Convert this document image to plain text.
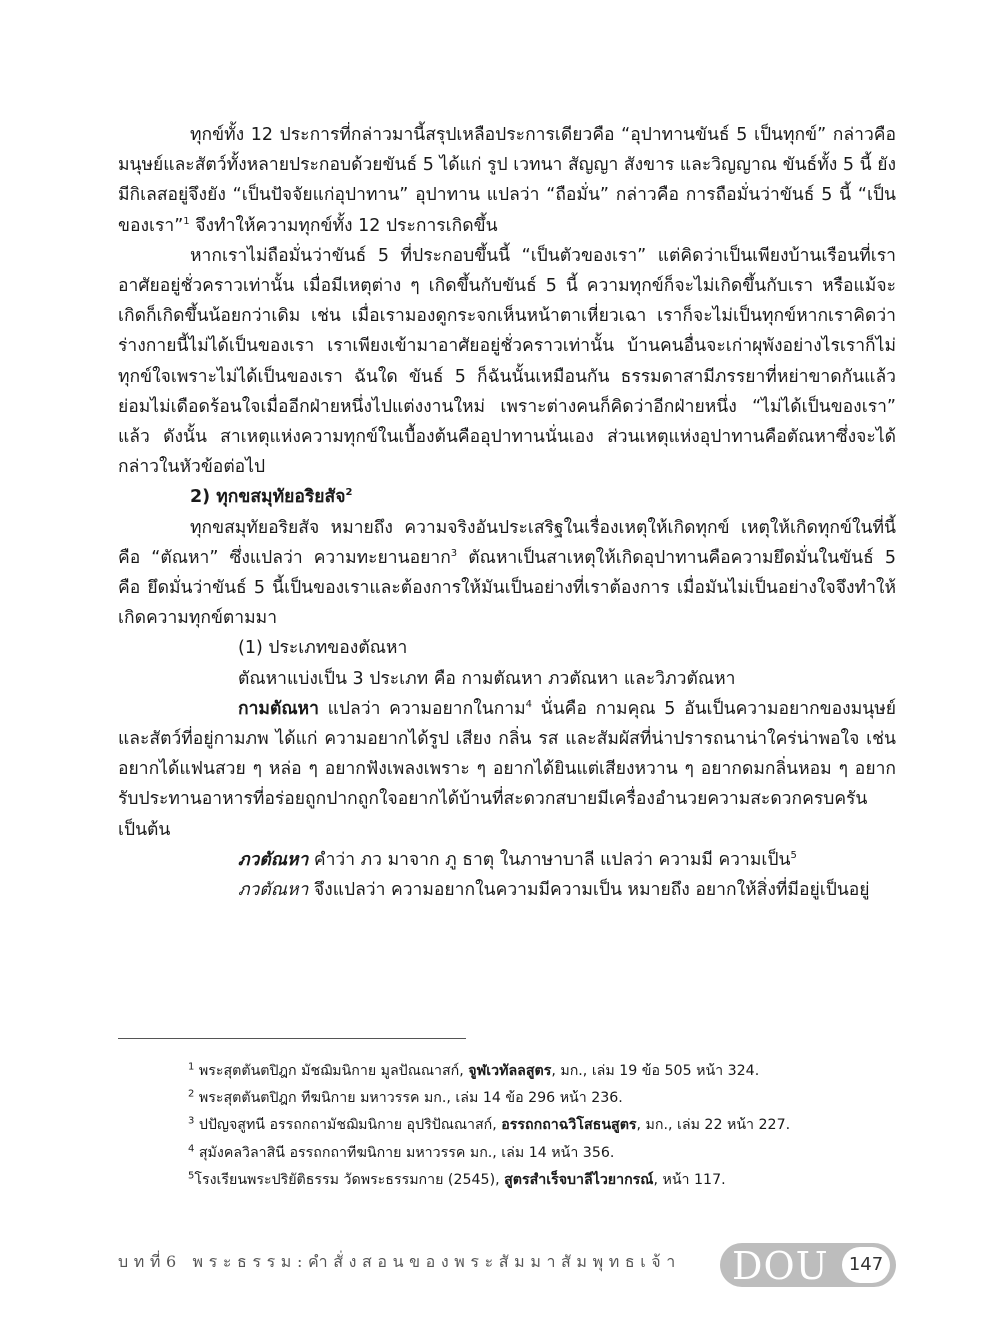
ทุกข์ทั้ง 12 ประการที่กล่าวมานี้สรุปเหลือประการเดียวคือ “อุปาทานขันธ์ 5 เป็นทุกข์” กล่าวคือ มนุษย์และสัตว์ทั้งหลายประกอบด้วยขันธ์ 5 ได้แก่ รูป เวทนา สัญญา สังขาร และวิญญาณ ขันธ์ทั้ง 5 นี้ ยังมีกิเลสอยู่จึงยัง “เป็นปัจจัยแก่อุปาทาน” อุปาทาน แปลว่า “ถือมั่น” กล่าวคือ การถือมั่นว่าขันธ์ 5 นี้ “เป็นของเรา”$^1$ จึงทำให้ความทุกข์ทั้ง 12 ประการเกิดขึ้น

หากเราไม่ถือมั่นว่าขันธ์ 5 ที่ประกอบขึ้นนี้ “เป็นตัวของเรา” แต่คิดว่าเป็นเพียงบ้านเรือนที่เราอาศัยอยู่ชั่วคราวเท่านั้น เมื่อมีเหตุต่าง ๆ เกิดขึ้นกับขันธ์ 5 นี้ ความทุกข์ก็จะไม่เกิดขึ้นกับเรา หรือแม้จะเกิดก็เกิดขึ้นน้อยกว่าเดิม เช่น เมื่อเรามองดูกระจกเห็นหน้าตาเหี่ยวเฉา เราก็จะไม่เป็นทุกข์หากเราคิดว่าร่างกายนี้ไม่ได้เป็นของเรา เราเพียงเข้ามาอาศัยอยู่ชั่วคราวเท่านั้น บ้านคนอื่นจะเก่าผุพังอย่างไรเราก็ไม่ทุกข์ใจเพราะไม่ได้เป็นของเรา ฉันใด ขันธ์ 5 ก็ฉันนั้นเหมือนกัน ธรรมดาสามีภรรยาที่หย่าขาดกันแล้วย่อมไม่เดือดร้อนใจเมื่ออีกฝ่ายหนึ่งไปแต่งงานใหม่ เพราะต่างคนก็คิดว่าอีกฝ่ายหนึ่ง “ไม่ได้เป็นของเรา” แล้ว ดังนั้น สาเหตุแห่งความทุกข์ในเบื้องต้นคืออุปาทานนั่นเอง ส่วนเหตุแห่งอุปาทานคือตัณหาซึ่งจะได้กล่าวในหัวข้อต่อไป

2) ทุกขสมุทัยอริยสัจ$^2$

ทุกขสมุทัยอริยสัจ หมายถึง ความจริงอันประเสริฐในเรื่องเหตุให้เกิดทุกข์ เหตุให้เกิดทุกข์ในที่นี้คือ “ตัณหา” ซึ่งแปลว่า ความทะยานอยาก$^3$ ตัณหาเป็นสาเหตุให้เกิดอุปาทานคือความยึดมั่นในขันธ์ 5 คือ ยึดมั่นว่าขันธ์ 5 นี้เป็นของเราและต้องการให้มันเป็นอย่างที่เราต้องการ เมื่อมันไม่เป็นอย่างใจจึงทำให้เกิดความทุกข์ตามมา

(1) ประเภทของตัณหา

ตัณหาแบ่งเป็น 3 ประเภท คือ กามตัณหา ภวตัณหา และวิภวตัณหา

กามตัณหา แปลว่า ความอยากในกาม$^4$ นั่นคือ กามคุณ 5 อันเป็นความอยากของมนุษย์และสัตว์ที่อยู่กามภพ ได้แก่ ความอยากได้รูป เสียง กลิ่น รส และสัมผัสที่น่าปรารถนาน่าใคร่น่าพอใจ เช่น อยากได้แฟนสวย ๆ หล่อ ๆ อยากฟังเพลงเพราะ ๆ อยากได้ยินแต่เสียงหวาน ๆ อยากดมกลิ่นหอม ๆ อยากรับประทานอาหารที่อร่อยถูกปากถูกใจอยากได้บ้านที่สะดวกสบายมีเครื่องอำนวยความสะดวกครบครันเป็นต้น

ภวตัณหา คำว่า ภว มาจาก ภู ธาตุ ในภาษาบาลี แปลว่า ความมี ความเป็น$^5$

ภวตัณหา จึงแปลว่า ความอยากในความมีความเป็น หมายถึง อยากให้สิ่งที่มีอยู่เป็นอยู่

$^1$ พระสุตตันตปิฎก มัชฌิมนิกาย มูลปัณณาสก์, จูฬเวทัลลสูตร, มก., เล่ม 19 ข้อ 505 หน้า 324.

$^2$ พระสุตตันตปิฎก ทีฆนิกาย มหาวรรค มก., เล่ม 14 ข้อ 296 หน้า 236.

$^3$ ปปัญจสูทนี อรรถกถามัชฌิมนิกาย อุปริปัณณาสก์, อรรถกถาฉวิโสธนสูตร, มก., เล่ม 22 หน้า 227.

$^4$ สุมังคลวิลาสินี อรรถกถาทีฆนิกาย มหาวรรค มก., เล่ม 14 หน้า 356.

$^5$โรงเรียนพระปริยัติธรรม วัดพระธรรมกาย (2545), สูตรสำเร็จบาลีไวยากรณ์, หน้า 117.

บทที่6 พระธรรม:คำสั่งสอนของพระสัมมาสัมพุทธเจ้า DOU	147
